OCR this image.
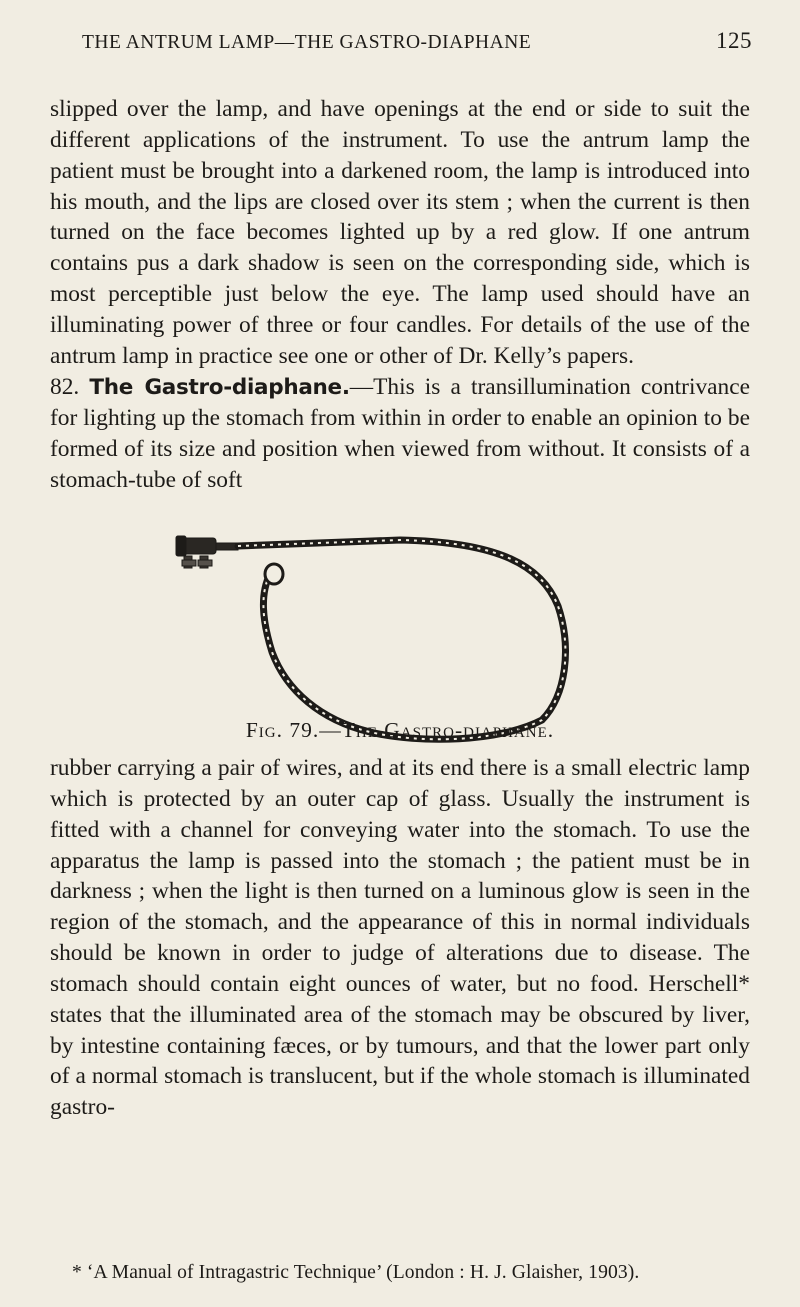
THE ANTRUM LAMP—THE GASTRO-DIAPHANE	125

slipped over the lamp, and have openings at the end or side to suit the different applications of the instrument. To use the antrum lamp the patient must be brought into a darkened room, the lamp is introduced into his mouth, and the lips are closed over its stem ; when the current is then turned on the face becomes lighted up by a red glow. If one antrum contains pus a dark shadow is seen on the corresponding side, which is most perceptible just below the eye. The lamp used should have an illuminating power of three or four candles. For details of the use of the antrum lamp in practice see one or other of Dr. Kelly’s papers.

82. The Gastro-diaphane.—This is a transillumination contrivance for lighting up the stomach from within in order to enable an opinion to be formed of its size and position when viewed from without. It consists of a stomach-tube of soft

Fig. 79.—The Gastro-diaphane.

rubber carrying a pair of wires, and at its end there is a small electric lamp which is protected by an outer cap of glass. Usually the instrument is fitted with a channel for conveying water into the stomach. To use the apparatus the lamp is passed into the stomach ; the patient must be in darkness ; when the light is then turned on a luminous glow is seen in the region of the stomach, and the appearance of this in normal individuals should be known in order to judge of alterations due to disease. The stomach should contain eight ounces of water, but no food. Herschell* states that the illuminated area of the stomach may be obscured by liver, by intestine containing fæces, or by tumours, and that the lower part only of a normal stomach is translucent, but if the whole stomach is illuminated gastro-

* ‘A Manual of Intragastric Technique’ (London : H. J. Glaisher, 1903).
